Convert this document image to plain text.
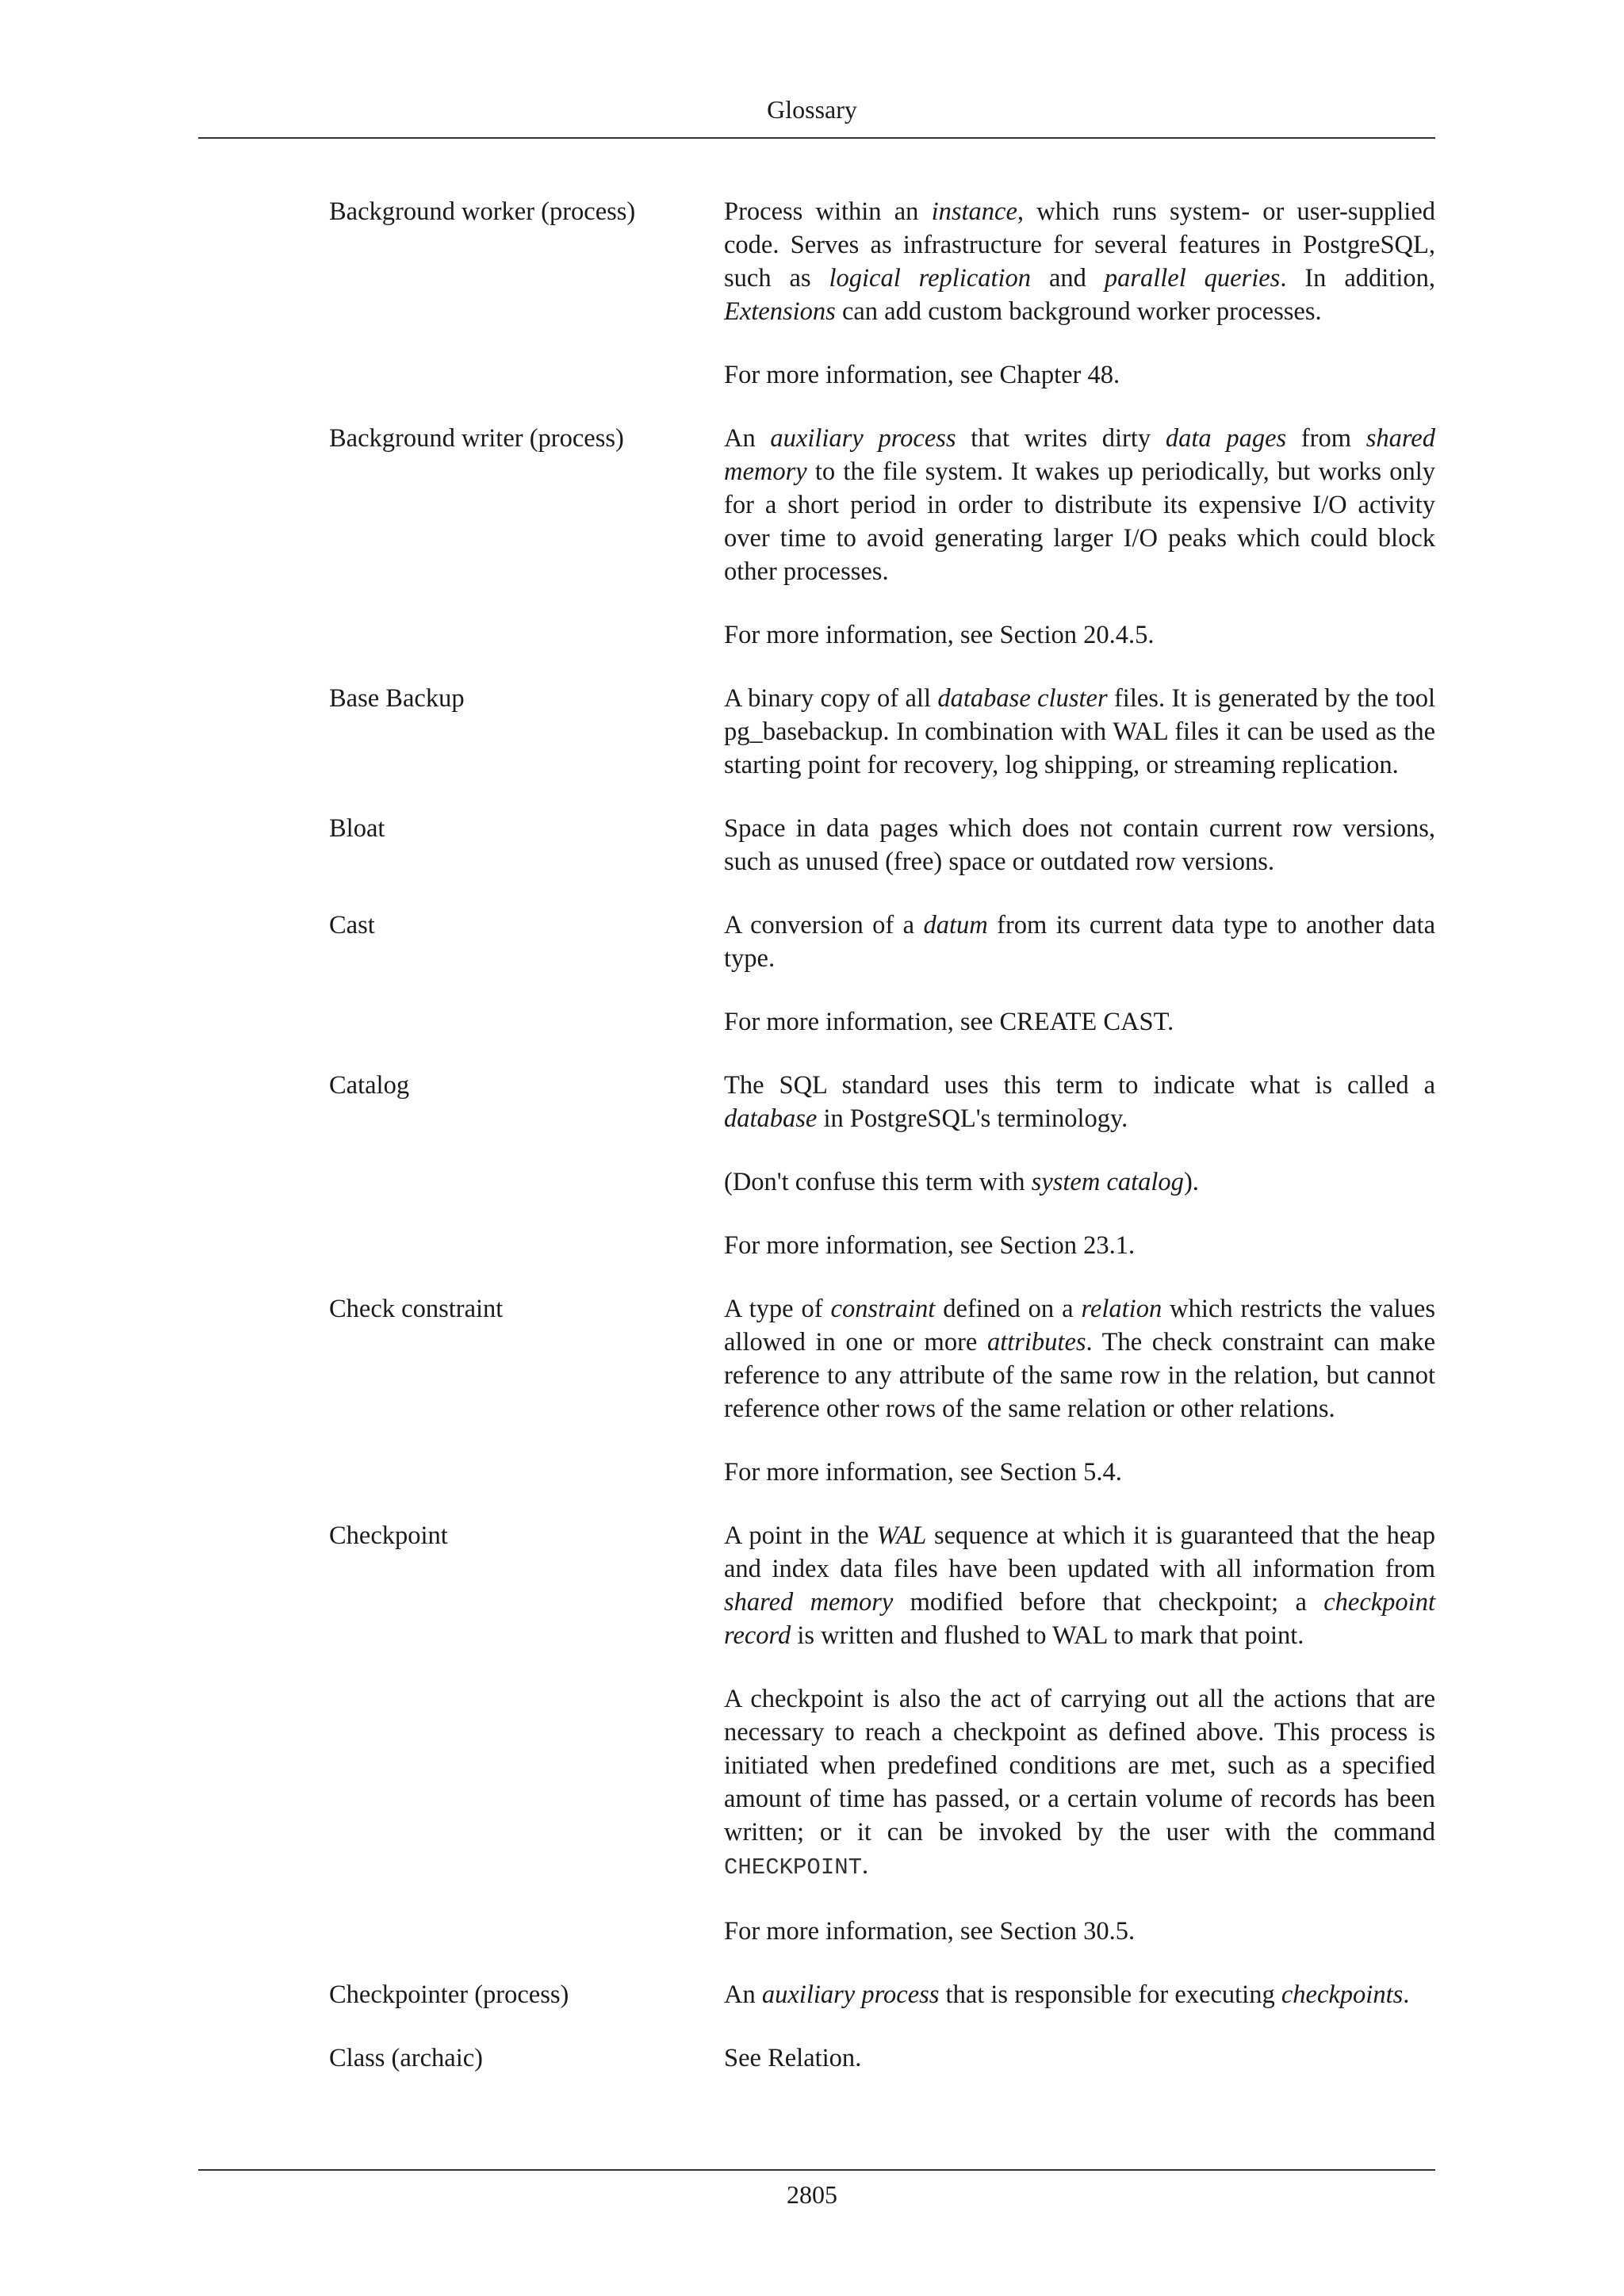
Glossary
Background worker (process)	Process within an instance, which runs system- or user-supplied code. Serves as infrastructure for several features in PostgreSQL, such as logical replication and parallel queries. In addition, Extensions can add custom background worker processes.

For more information, see Chapter 48.

Background writer (process)	An auxiliary process that writes dirty data pages from shared memory to the file system. It wakes up periodically, but works only for a short period in order to distribute its expensive I/O activity over time to avoid generating larger I/O peaks which could block other processes.

For more information, see Section 20.4.5.

Base Backup	A binary copy of all database cluster files. It is generated by the tool pg_basebackup. In combination with WAL files it can be used as the starting point for recovery, log shipping, or streaming replication.

Bloat	Space in data pages which does not contain current row versions, such as unused (free) space or outdated row versions.

Cast	A conversion of a datum from its current data type to another data type.

For more information, see CREATE CAST.

Catalog	The SQL standard uses this term to indicate what is called a database in PostgreSQL's terminology.

(Don't confuse this term with system catalog).

For more information, see Section 23.1.

Check constraint	A type of constraint defined on a relation which restricts the values allowed in one or more attributes. The check constraint can make reference to any attribute of the same row in the relation, but cannot reference other rows of the same relation or other relations.

For more information, see Section 5.4.

Checkpoint	A point in the WAL sequence at which it is guaranteed that the heap and index data files have been updated with all information from shared memory modified before that checkpoint; a checkpoint record is written and flushed to WAL to mark that point.

A checkpoint is also the act of carrying out all the actions that are necessary to reach a checkpoint as defined above. This process is initiated when predefined conditions are met, such as a specified amount of time has passed, or a certain volume of records has been written; or it can be invoked by the user with the command CHECKPOINT.

For more information, see Section 30.5.

Checkpointer (process)	An auxiliary process that is responsible for executing checkpoints.

Class (archaic)	See Relation.

2805
